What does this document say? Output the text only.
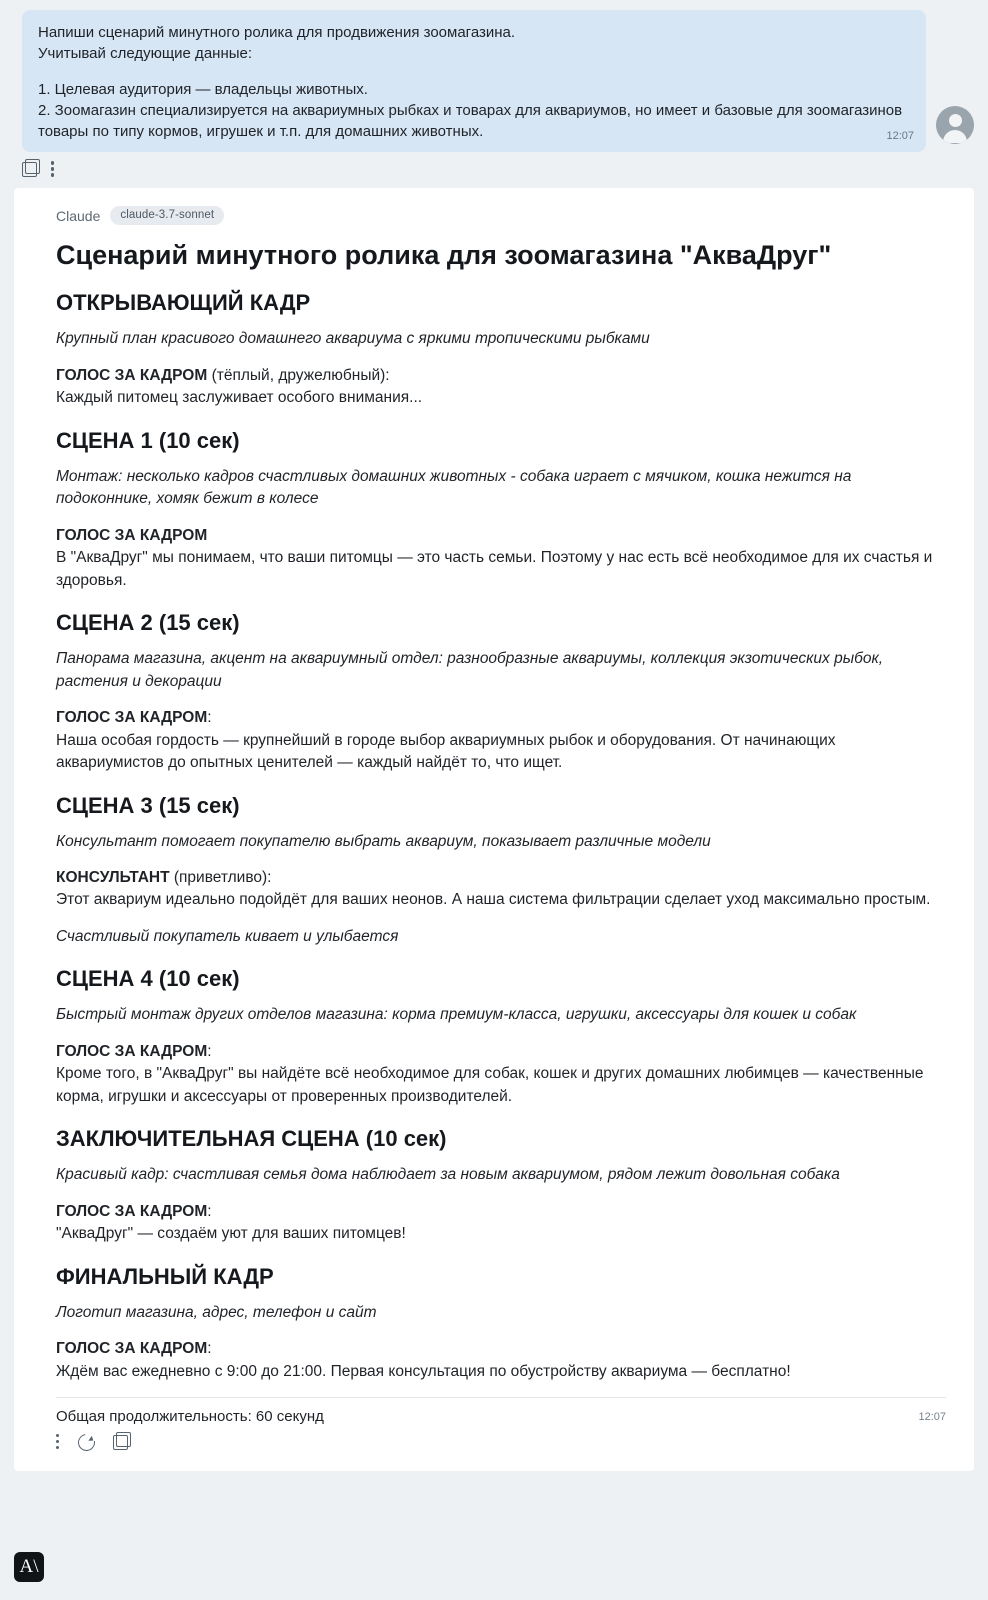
Напиши сценарий минутного ролика для продвижения зоомагазина.

Учитывай следующие данные:

1. Целевая аудитория — владельцы животных.

2. Зоомагазин специализируется на аквариумных рыбках и товарах для аквариумов, но имеет и базовые для зоомагазинов товары по типу кормов, игрушек и т.п. для домашних животных.	12:07
Claude	claude-3.7-sonnet
Сценарий минутного ролика для зоомагазина "АкваДруг"
ОТКРЫВАЮЩИЙ КАДР

Крупный план красивого домашнего аквариума с яркими тропическими рыбками

ГОЛОС ЗА КАДРОМ (тёплый, дружелюбный):
Каждый питомец заслуживает особого внимания...

СЦЕНА 1 (10 сек)

Монтаж: несколько кадров счастливых домашних животных - собака играет с мячиком, кошка нежится на подоконнике, хомяк бежит в колесе

ГОЛОС ЗА КАДРОМ
В "АкваДруг" мы понимаем, что ваши питомцы — это часть семьи. Поэтому у нас есть всё необходимое для их счастья и здоровья.

СЦЕНА 2 (15 сек)

Панорама магазина, акцент на аквариумный отдел: разнообразные аквариумы, коллекция экзотических рыбок, растения и декорации

ГОЛОС ЗА КАДРОМ:
Наша особая гордость — крупнейший в городе выбор аквариумных рыбок и оборудования. От начинающих аквариумистов до опытных ценителей — каждый найдёт то, что ищет.

СЦЕНА 3 (15 сек)

Консультант помогает покупателю выбрать аквариум, показывает различные модели

КОНСУЛЬТАНТ (приветливо):
Этот аквариум идеально подойдёт для ваших неонов. А наша система фильтрации сделает уход максимально простым.

Счастливый покупатель кивает и улыбается

СЦЕНА 4 (10 сек)

Быстрый монтаж других отделов магазина: корма премиум-класса, игрушки, аксессуары для кошек и собак

ГОЛОС ЗА КАДРОМ:
Кроме того, в "АкваДруг" вы найдёте всё необходимое для собак, кошек и других домашних любимцев — качественные корма, игрушки и аксессуары от проверенных производителей.

ЗАКЛЮЧИТЕЛЬНАЯ СЦЕНА (10 сек)

Красивый кадр: счастливая семья дома наблюдает за новым аквариумом, рядом лежит довольная собака

ГОЛОС ЗА КАДРОМ:
"АкваДруг" — создаём уют для ваших питомцев!

ФИНАЛЬНЫЙ КАДР

Логотип магазина, адрес, телефон и сайт

ГОЛОС ЗА КАДРОМ:
Ждём вас ежедневно с 9:00 до 21:00. Первая консультация по обустройству аквариума — бесплатно!

Общая продолжительность: 60 секунд	12:07
A\
